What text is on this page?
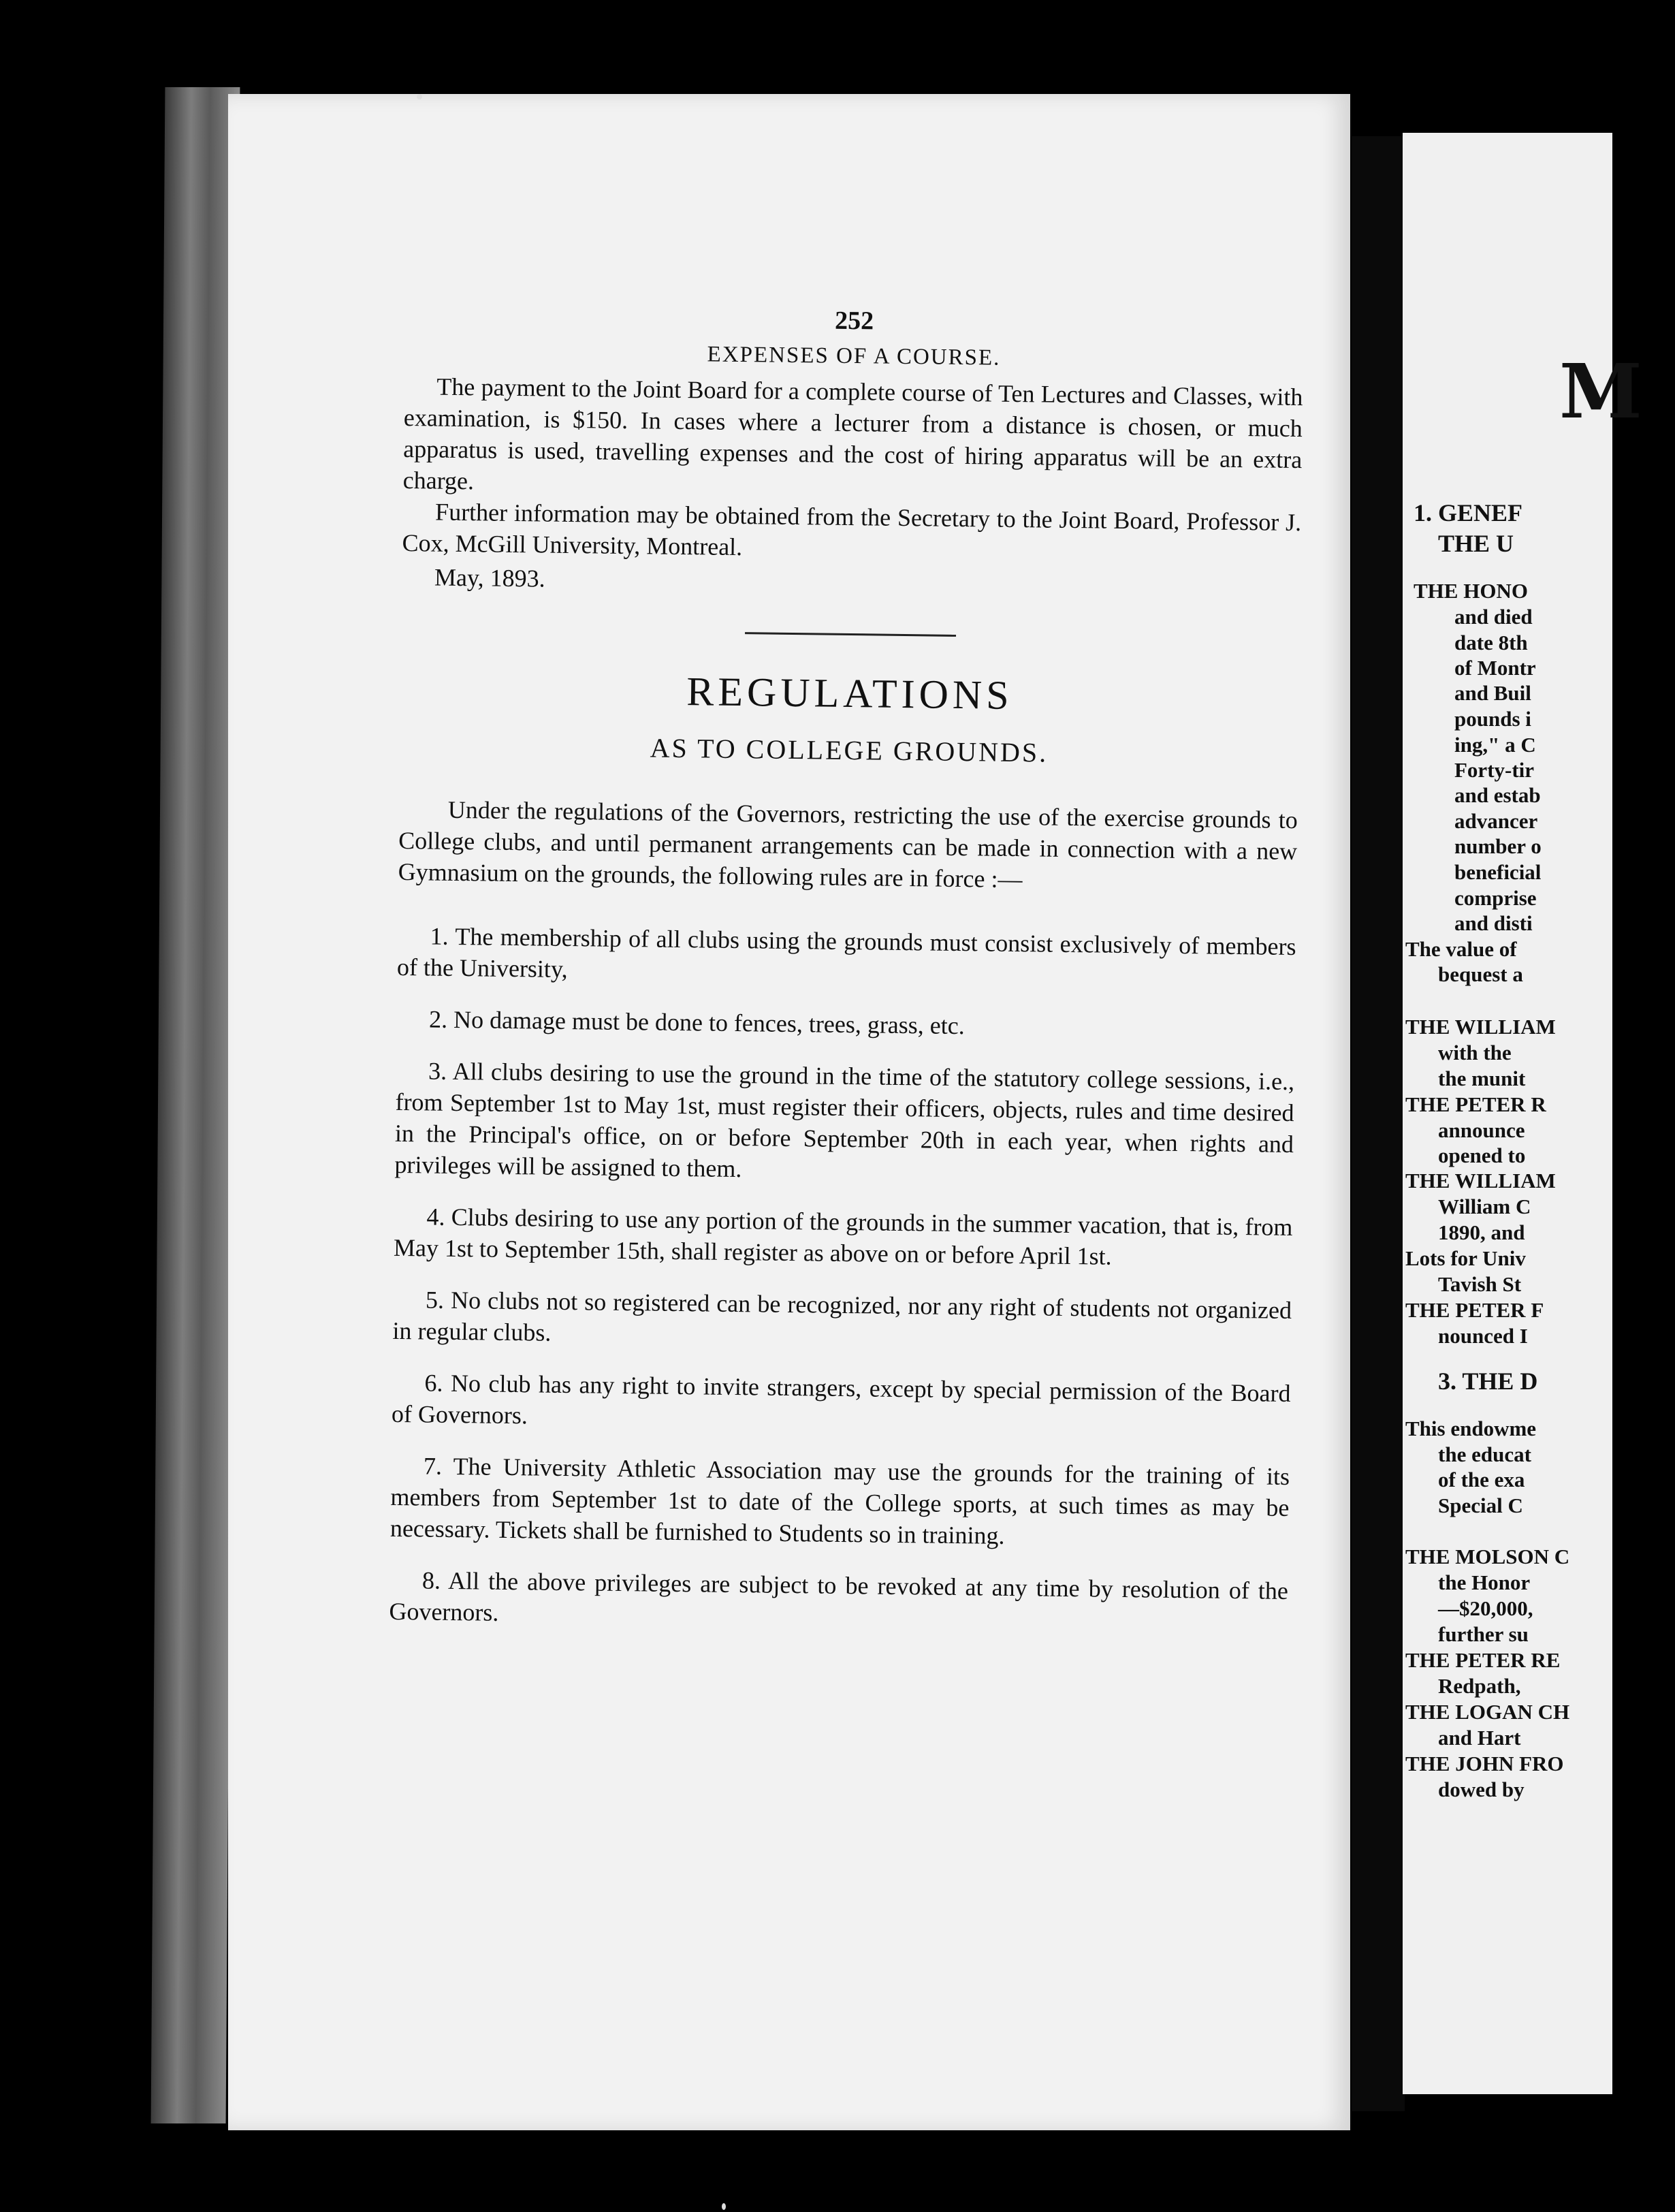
1. GENEF
THE U
THE HONO
and died
date 8th
of Montr
and Buil
pounds i
ing," a C
Forty-tir
and estab
advancer
number o
beneficial
comprise
and disti
The value of
bequest a
THE WILLIAM
with the
the munit
THE PETER R
announce
opened to
THE WILLIAM
William C
1890, and
Lots for Univ
Tavish St
THE PETER F
nounced I
3. THE D
This endowme
the educat
of the exa
Special C
THE MOLSON C
the Honor
—$20,000,
further su
THE PETER RE
Redpath,
THE LOGAN CH
and Hart
THE JOHN FRO
dowed by
M
252
EXPENSES OF A COURSE.

The payment to the Joint Board for a complete course of Ten Lectures and Classes, with examination, is $150. In cases where a lecturer from a distance is chosen, or much apparatus is used, travelling expenses and the cost of hiring apparatus will be an extra charge.

Further information may be obtained from the Secretary to the Joint Board, Professor J. Cox, McGill University, Montreal.

May, 1893.

REGULATIONS
AS TO COLLEGE GROUNDS.

Under the regulations of the Governors, restricting the use of the exercise grounds to College clubs, and until permanent arrangements can be made in connection with a new Gymnasium on the grounds, the following rules are in force :—

1. The membership of all clubs using the grounds must consist exclusively of members of the University,

2. No damage must be done to fences, trees, grass, etc.

3. All clubs desiring to use the ground in the time of the statutory college sessions, i.e., from September 1st to May 1st, must register their officers, objects, rules and time desired in the Principal's office, on or before September 20th in each year, when rights and privileges will be assigned to them.

4. Clubs desiring to use any portion of the grounds in the summer vacation, that is, from May 1st to September 15th, shall register as above on or before April 1st.

5. No clubs not so registered can be recognized, nor any right of students not organized in regular clubs.

6. No club has any right to invite strangers, except by special permission of the Board of Governors.

7. The University Athletic Association may use the grounds for the training of its members from September 1st to date of the College sports, at such times as may be necessary. Tickets shall be furnished to Students so in training.

8. All the above privileges are subject to be revoked at any time by resolution of the Governors.
